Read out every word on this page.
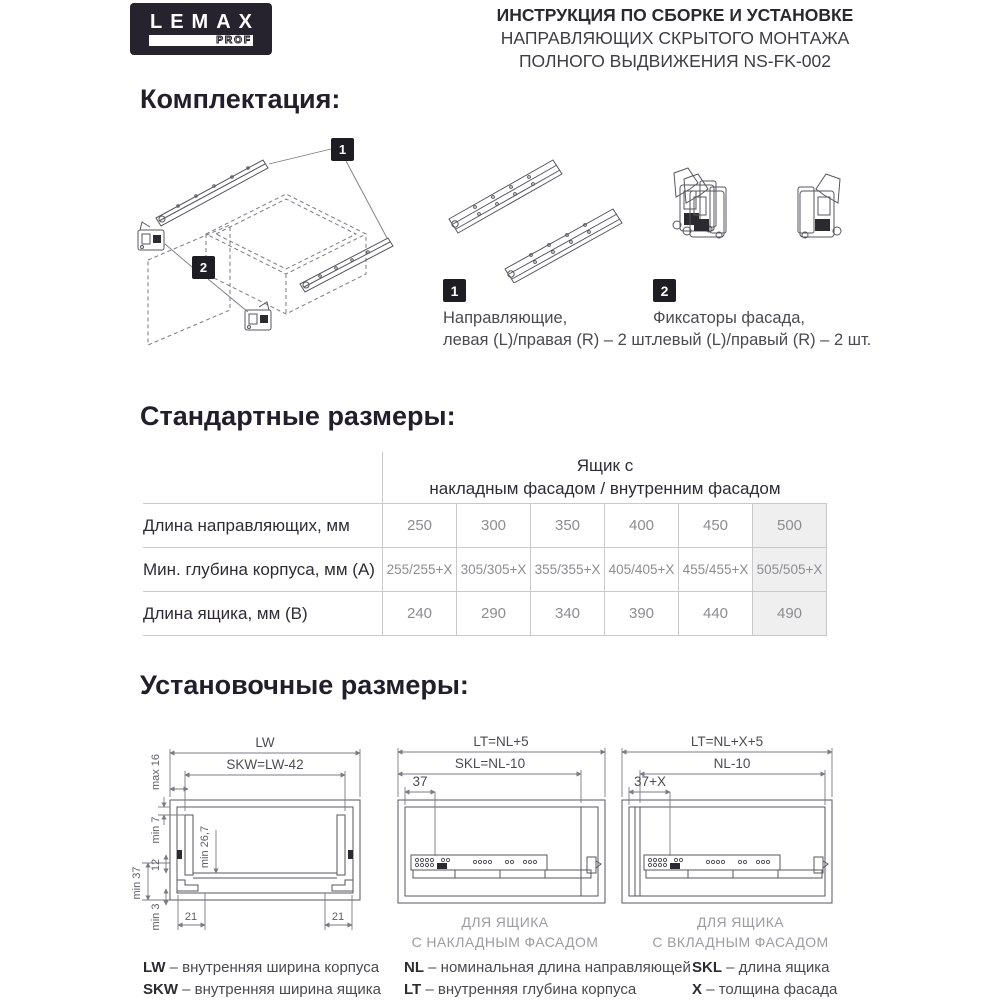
LEMAX
PROF
ИНСТРУКЦИЯ ПО СБОРКЕ И УСТАНОВКЕ
НАПРАВЛЯЮЩИХ СКРЫТОГО МОНТАЖА
ПОЛНОГО ВЫДВИЖЕНИЯ NS-FK-002
Комплектация:
1
2
1
Направляющие,
левая (L)/правая (R) – 2 шт.
2
Фиксаторы фасада,
левый (L)/правый (R) – 2 шт.
Стандартные размеры:
Ящик с
накладным фасадом / внутренним фасадом
Длина направляющих, мм	250	300	350	400	450	500
Мин. глубина корпуса, мм (А) 255/255+X 305/305+X 355/355+X 405/405+X 455/455+X 505/505+X
Длина ящика, мм (В)	240	290	340	390	440	490
Установочные размеры:
LW
SKW=LW-42
max 16
min 7	min 26,7
12
min 37
min 3 21	21
LT=NL+5
SKL=NL-10
37
ДЛЯ ЯЩИКА
С НАКЛАДНЫМ ФАСАДОМ
LT=NL+X+5
NL-10
37+X
ДЛЯ ЯЩИКА
С ВКЛАДНЫМ ФАСАДОМ
LW – внутренняя ширина корпуса
SKW – внутренняя ширина ящика
NL – номинальная длина направляющей
LT – внутренняя глубина корпуса
SKL – длина ящика
X – толщина фасада
